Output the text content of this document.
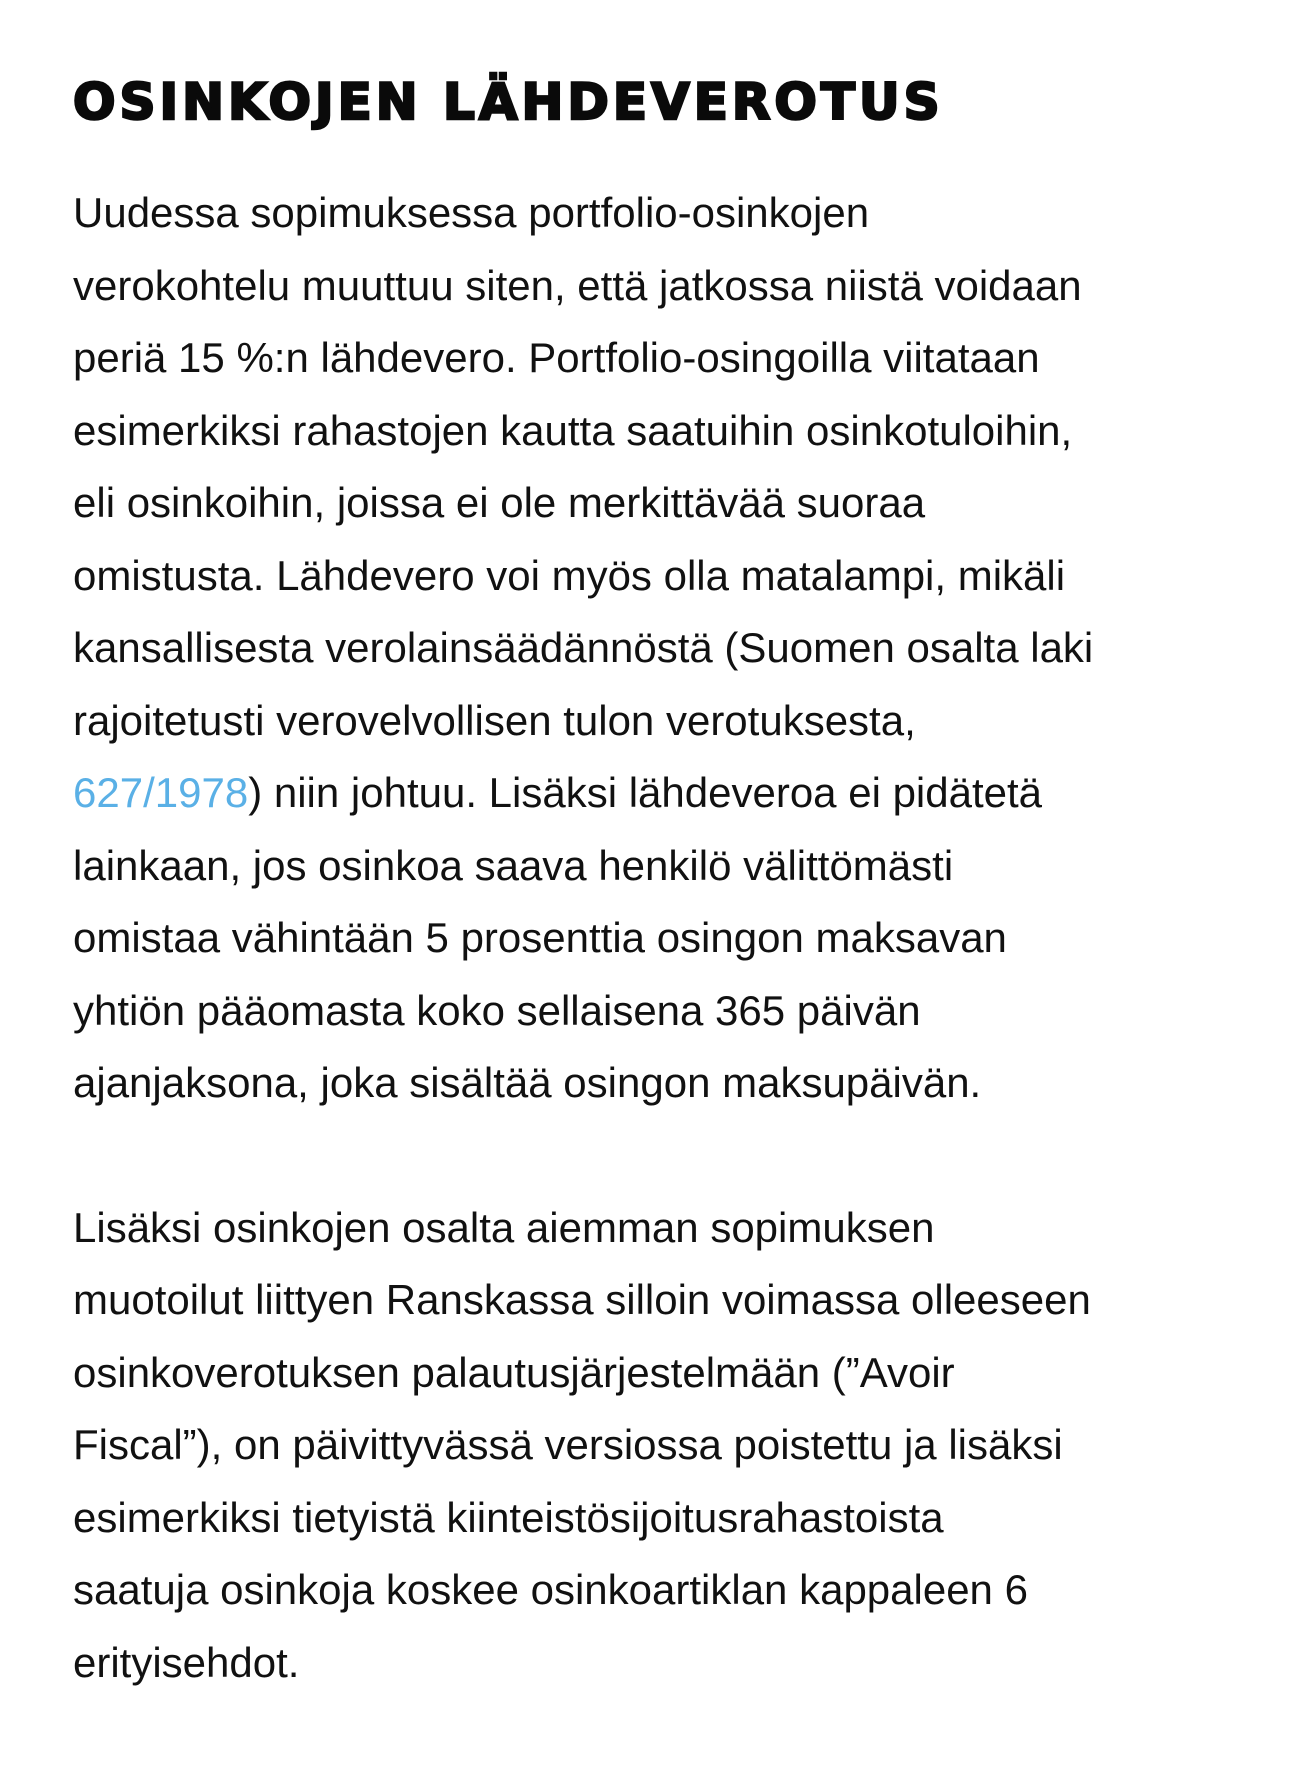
OSINKOJEN LÄHDEVEROTUS

Uudessa sopimuksessa portfolio-osinkojen
verokohtelu muuttuu siten, että jatkossa niistä voidaan
periä 15 %:n lähdevero. Portfolio-osingoilla viitataan
esimerkiksi rahastojen kautta saatuihin osinkotuloihin,
eli osinkoihin, joissa ei ole merkittävää suoraa
omistusta. Lähdevero voi myös olla matalampi, mikäli
kansallisesta verolainsäädännöstä (Suomen osalta laki
rajoitetusti verovelvollisen tulon verotuksesta,
627/1978) niin johtuu. Lisäksi lähdeveroa ei pidätetä
lainkaan, jos osinkoa saava henkilö välittömästi
omistaa vähintään 5 prosenttia osingon maksavan
yhtiön pääomasta koko sellaisena 365 päivän
ajanjaksona, joka sisältää osingon maksupäivän.

Lisäksi osinkojen osalta aiemman sopimuksen
muotoilut liittyen Ranskassa silloin voimassa olleeseen
osinkoverotuksen palautusjärjestelmään (”Avoir
Fiscal”), on päivittyvässä versiossa poistettu ja lisäksi
esimerkiksi tietyistä kiinteistösijoitusrahastoista
saatuja osinkoja koskee osinkoartiklan kappaleen 6
erityisehdot.
